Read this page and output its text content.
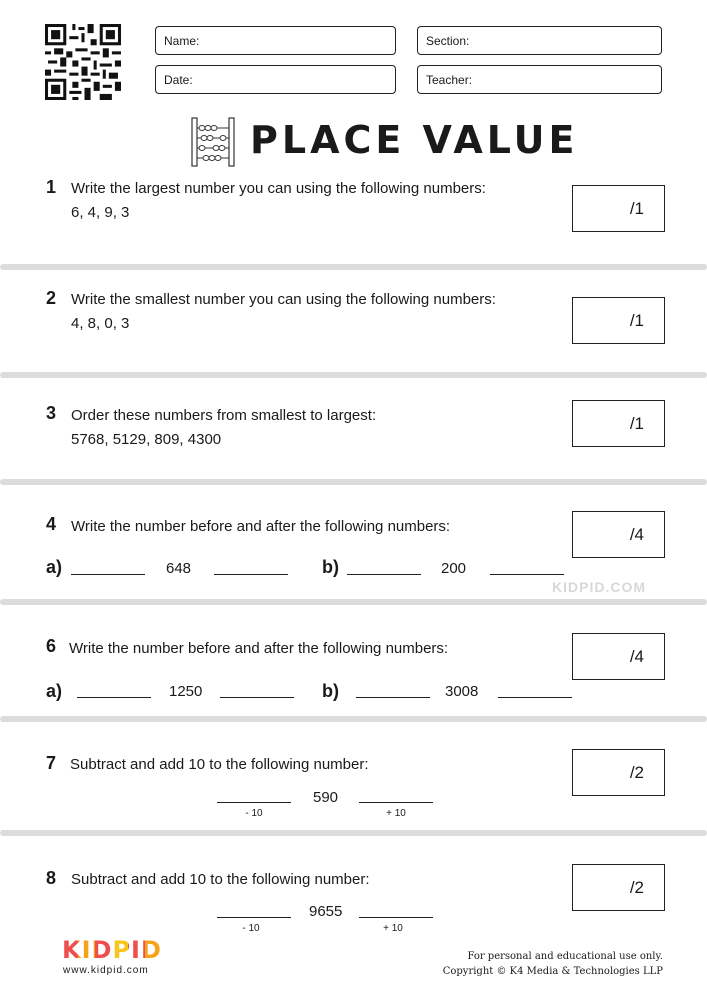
Name:	Section:
Date:	Teacher:
PLACE VALUE
1 Write the largest number you can using the following numbers:
6, 4, 9, 3	/1
2 Write the smallest number you can using the following numbers:
4, 8, 0, 3	/1
3 Order these numbers from smallest to largest:
5768, 5129, 809, 4300
/1
4 Write the number before and after the following numbers:	/4
a)	648	b)	200
KIDPID.COM
6 Write the number before and after the following numbers:	/4
a)	1250	b)	3008
7 Subtract and add 10 to the following number:	/2
590
- 10	+ 10
8 Subtract and add 10 to the following number:	/2
9655
- 10	+ 10
KIDPID
www.kidpid.com
For personal and educational use only.
Copyright © K4 Media & Technologies LLP
